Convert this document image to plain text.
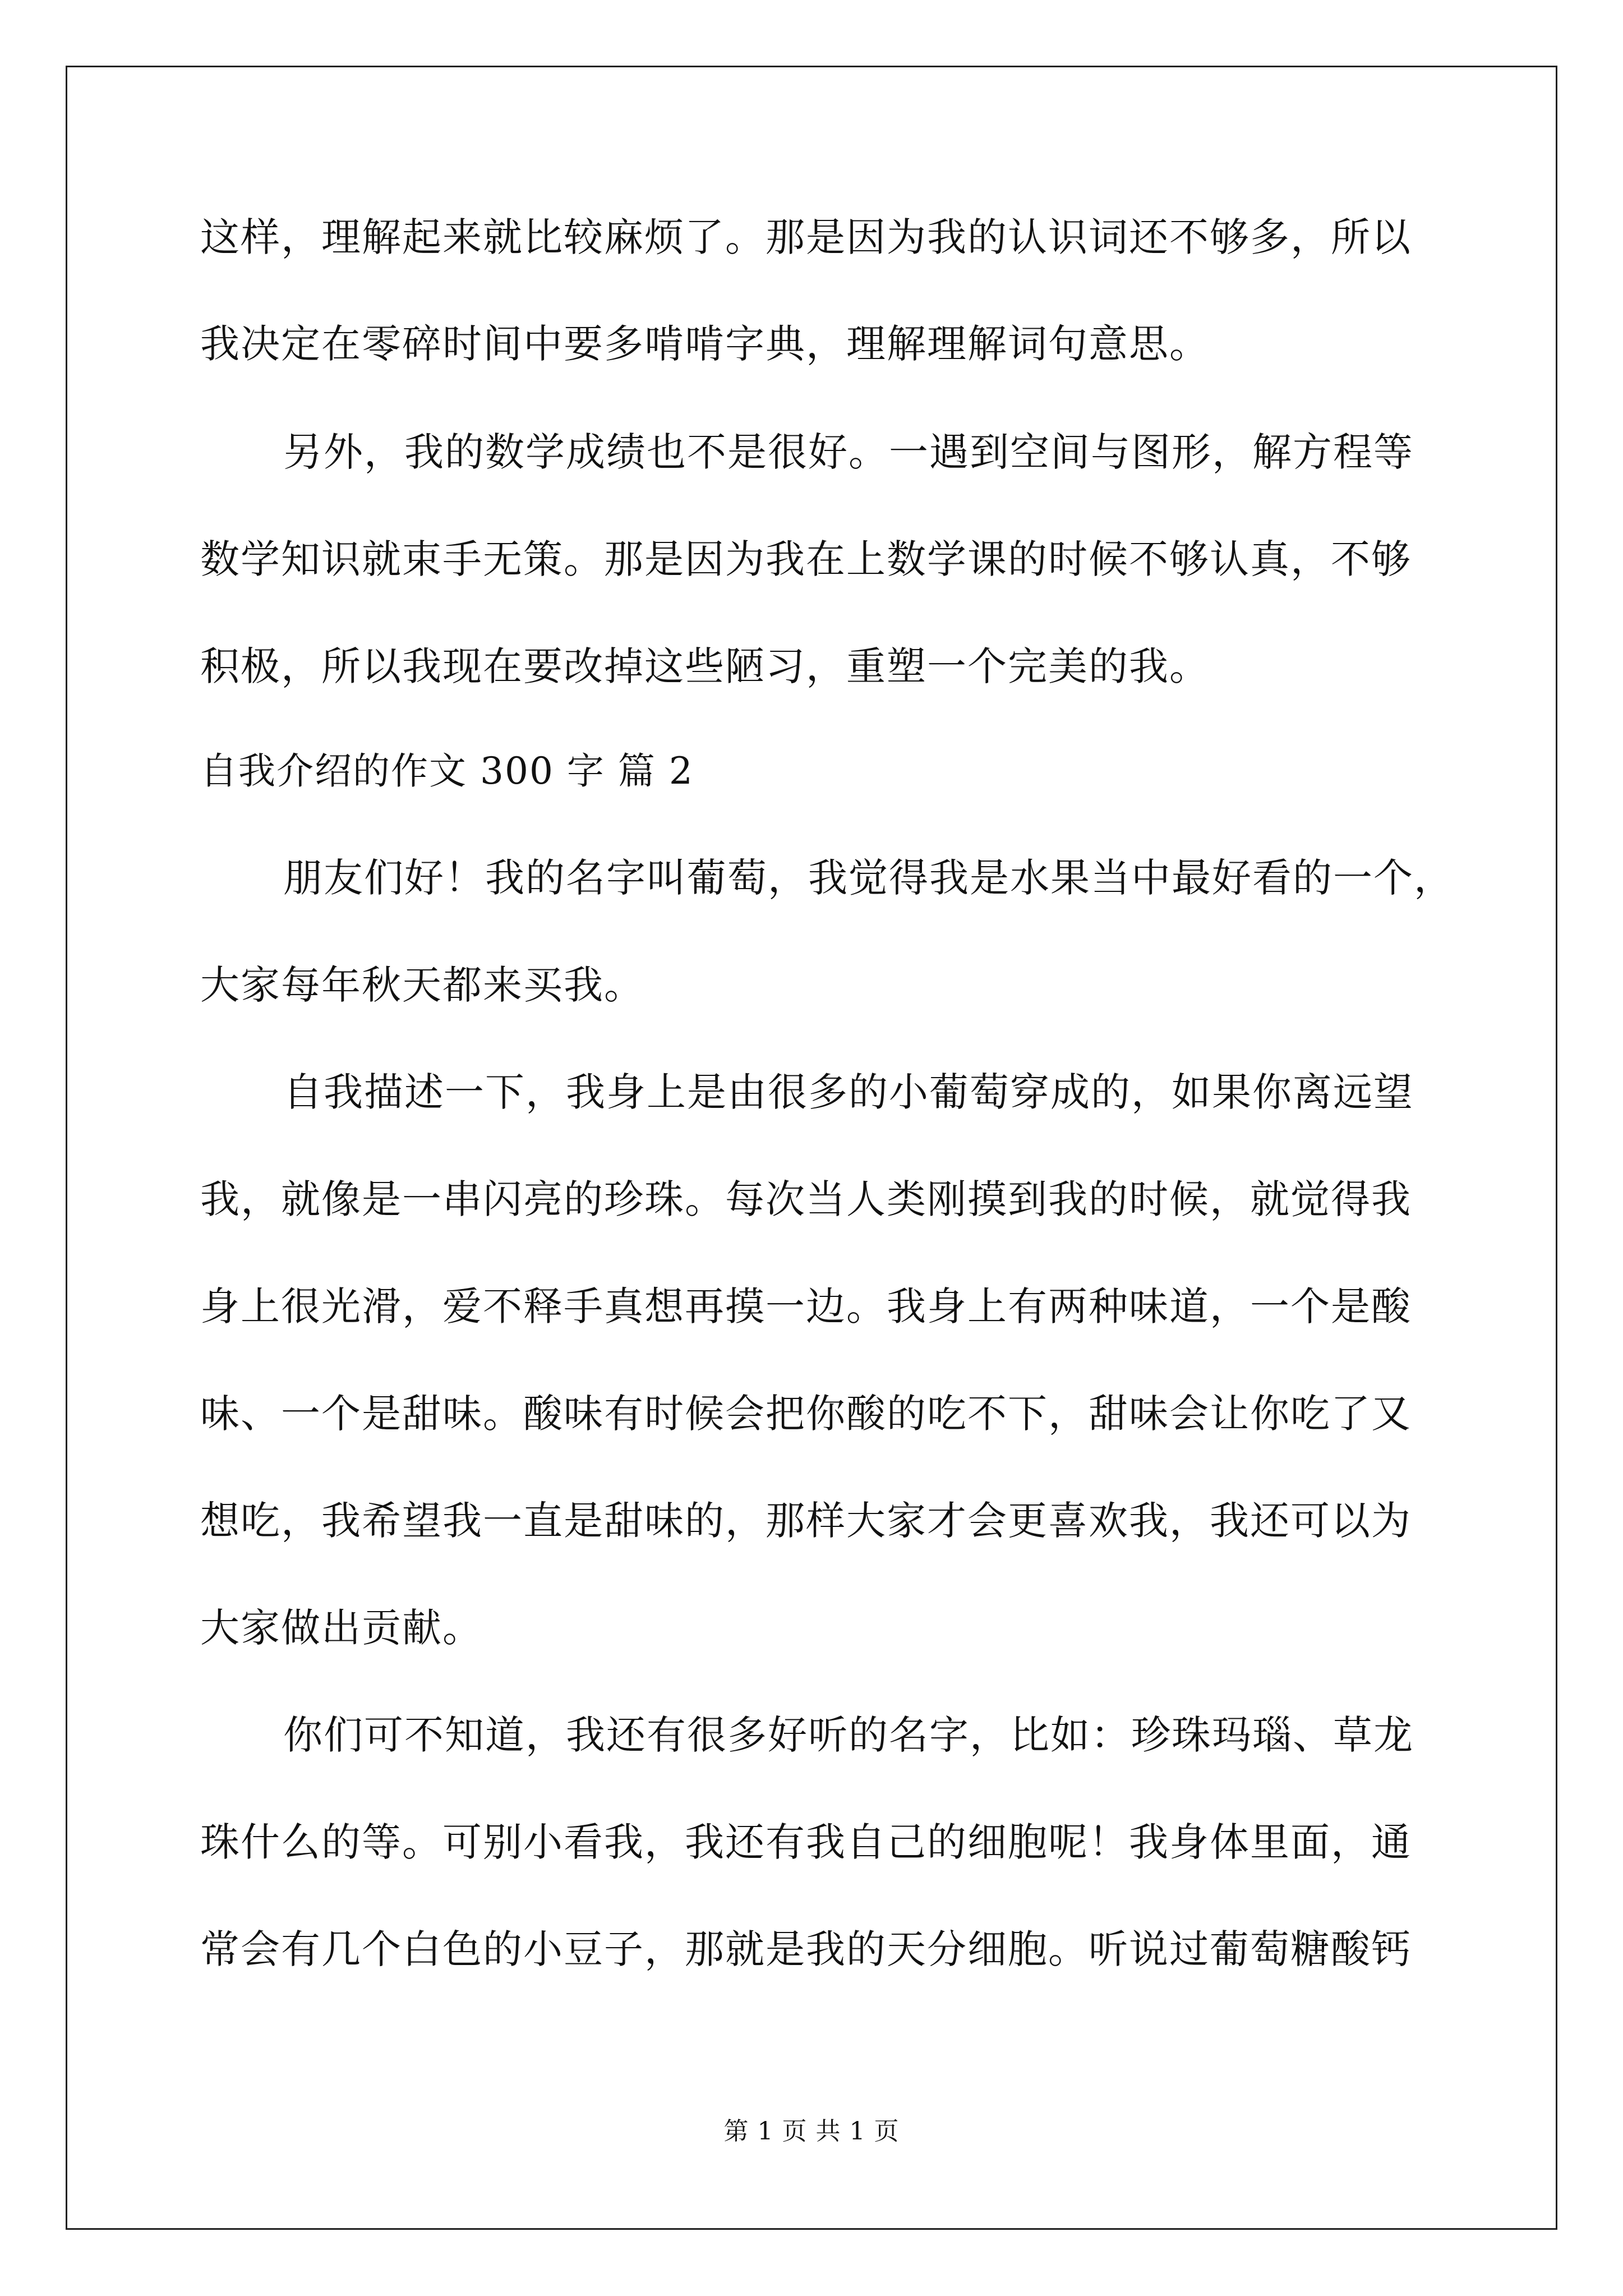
这样，理解起来就比较麻烦了。那是因为我的认识词还不够多，所以
我决定在零碎时间中要多啃啃字典，理解理解词句意思。
另外，我的数学成绩也不是很好。一遇到空间与图形，解方程等
数学知识就束手无策。那是因为我在上数学课的时候不够认真，不够
积极，所以我现在要改掉这些陋习，重塑一个完美的我。
自我介绍的作文 300 字 篇 2
朋友们好！我的名字叫葡萄，我觉得我是水果当中最好看的一个，
大家每年秋天都来买我。
自我描述一下，我身上是由很多的小葡萄穿成的，如果你离远望
我，就像是一串闪亮的珍珠。每次当人类刚摸到我的时候，就觉得我
身上很光滑，爱不释手真想再摸一边。我身上有两种味道，一个是酸
味、一个是甜味。酸味有时候会把你酸的吃不下，甜味会让你吃了又
想吃，我希望我一直是甜味的，那样大家才会更喜欢我，我还可以为
大家做出贡献。
你们可不知道，我还有很多好听的名字，比如：珍珠玛瑙、草龙
珠什么的等。可别小看我，我还有我自己的细胞呢！我身体里面，通
常会有几个白色的小豆子，那就是我的天分细胞。听说过葡萄糖酸钙
第 1 页 共 1 页
